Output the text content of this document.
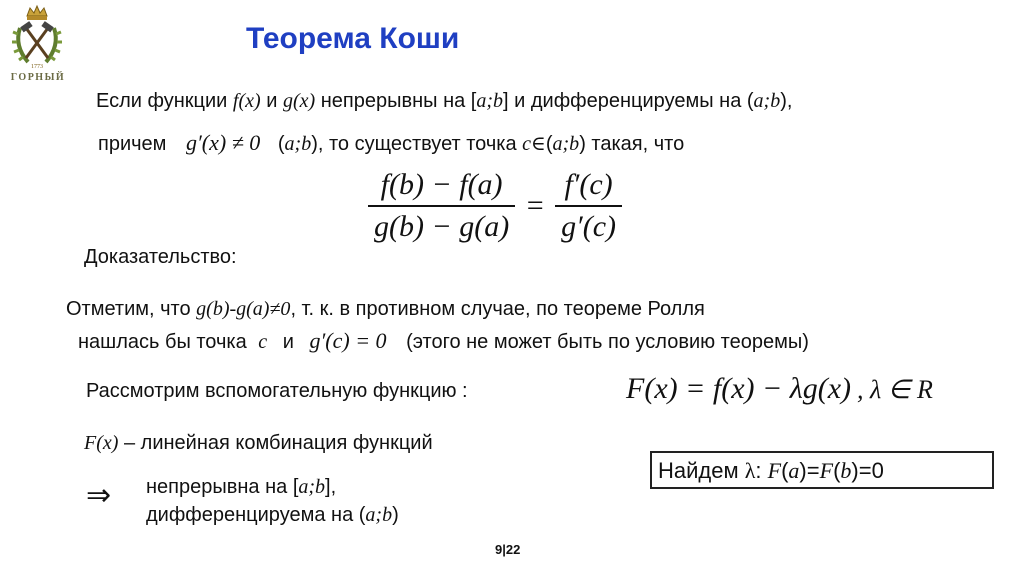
1773
ГОРНЫЙ
Теорема Коши
Если функции f(x) и g(x) непрерывны на [a;b] и дифференцируемы на (a;b),
причем g′(x) ≠ 0 (a;b), то существует точка c∈(a;b) такая, что
$\frac{f(b) - f(a)}{g(b) - g(a)} = \frac{f'(c)}{g'(c)}$
Доказательство:
Отметим, что g(b)-g(a)≠0, т. к. в противном случае, по теореме Ролля
нашлась бы точка c и g′(c) = 0 (этого не может быть по условию теоремы)
Рассмотрим вспомогательную функцию :	F(x) = f(x) − λg(x) , λ ∈ R
F(x) – линейная комбинация функций
Найдем λ: F(a)=F(b)=0
⇒ непрерывна на [a;b],
дифференцируема на (a;b)
9|22
